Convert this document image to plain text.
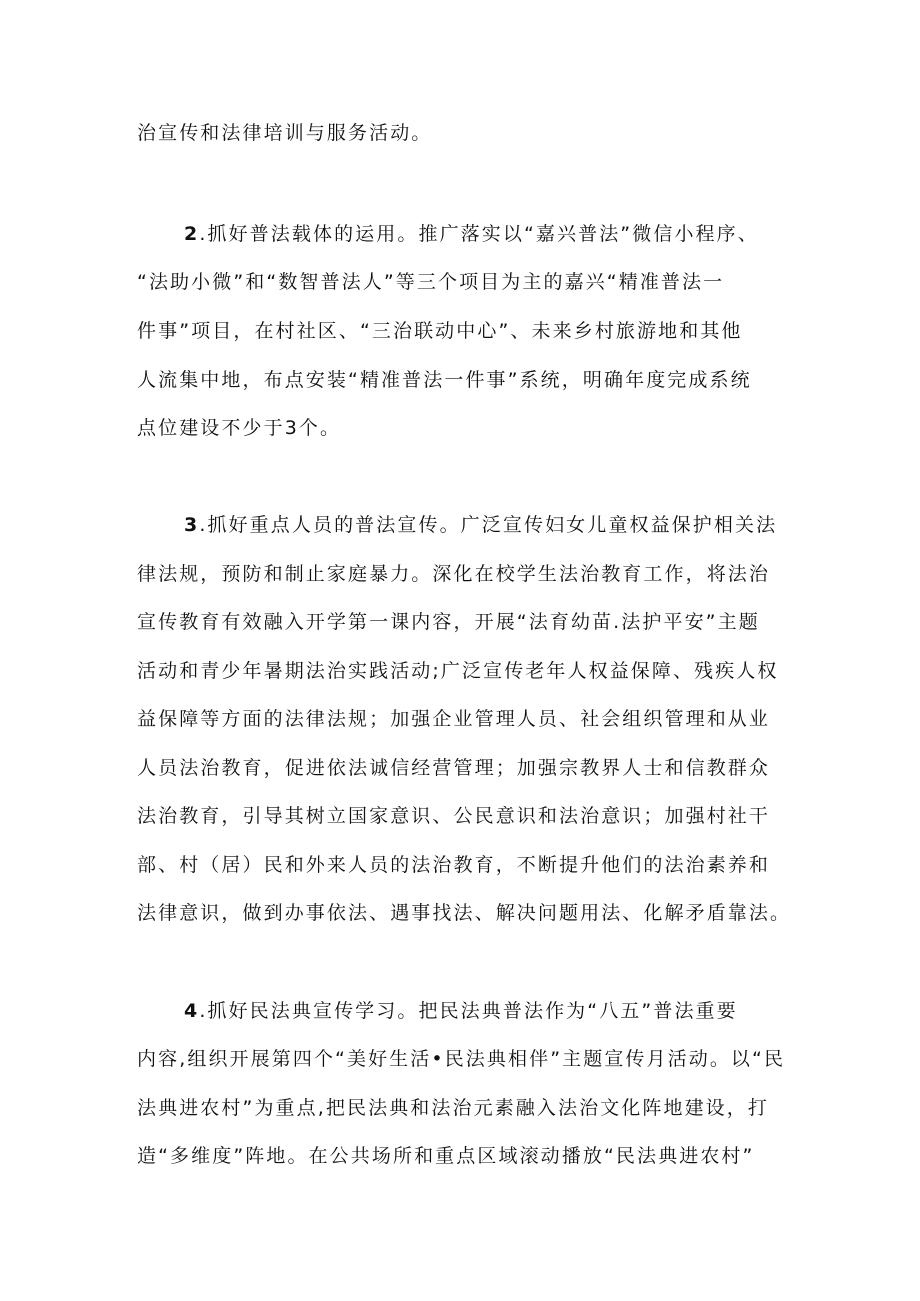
治宣传和法律培训与服务活动。
2.抓好普法载体的运用。推广落实以“嘉兴普法”微信小程序、
“法助小微”和“数智普法人”等三个项目为主的嘉兴“精准普法一
件事”项目，在村社区、“三治联动中心”、未来乡村旅游地和其他
人流集中地，布点安装“精准普法一件事”系统，明确年度完成系统
点位建设不少于3个。
3.抓好重点人员的普法宣传。广泛宣传妇女儿童权益保护相关法
律法规，预防和制止家庭暴力。深化在校学生法治教育工作，将法治
宣传教育有效融入开学第一课内容，开展“法育幼苗.法护平安”主题
活动和青少年暑期法治实践活动;广泛宣传老年人权益保障、残疾人权
益保障等方面的法律法规；加强企业管理人员、社会组织管理和从业
人员法治教育，促进依法诚信经营管理；加强宗教界人士和信教群众
法治教育，引导其树立国家意识、公民意识和法治意识；加强村社干
部、村（居）民和外来人员的法治教育，不断提升他们的法治素养和
法律意识，做到办事依法、遇事找法、解决问题用法、化解矛盾靠法。
4.抓好民法典宣传学习。把民法典普法作为“八五”普法重要
内容,组织开展第四个“美好生活•民法典相伴”主题宣传月活动。以“民
法典进农村”为重点,把民法典和法治元素融入法治文化阵地建设，打
造“多维度”阵地。在公共场所和重点区域滚动播放“民法典进农村”
